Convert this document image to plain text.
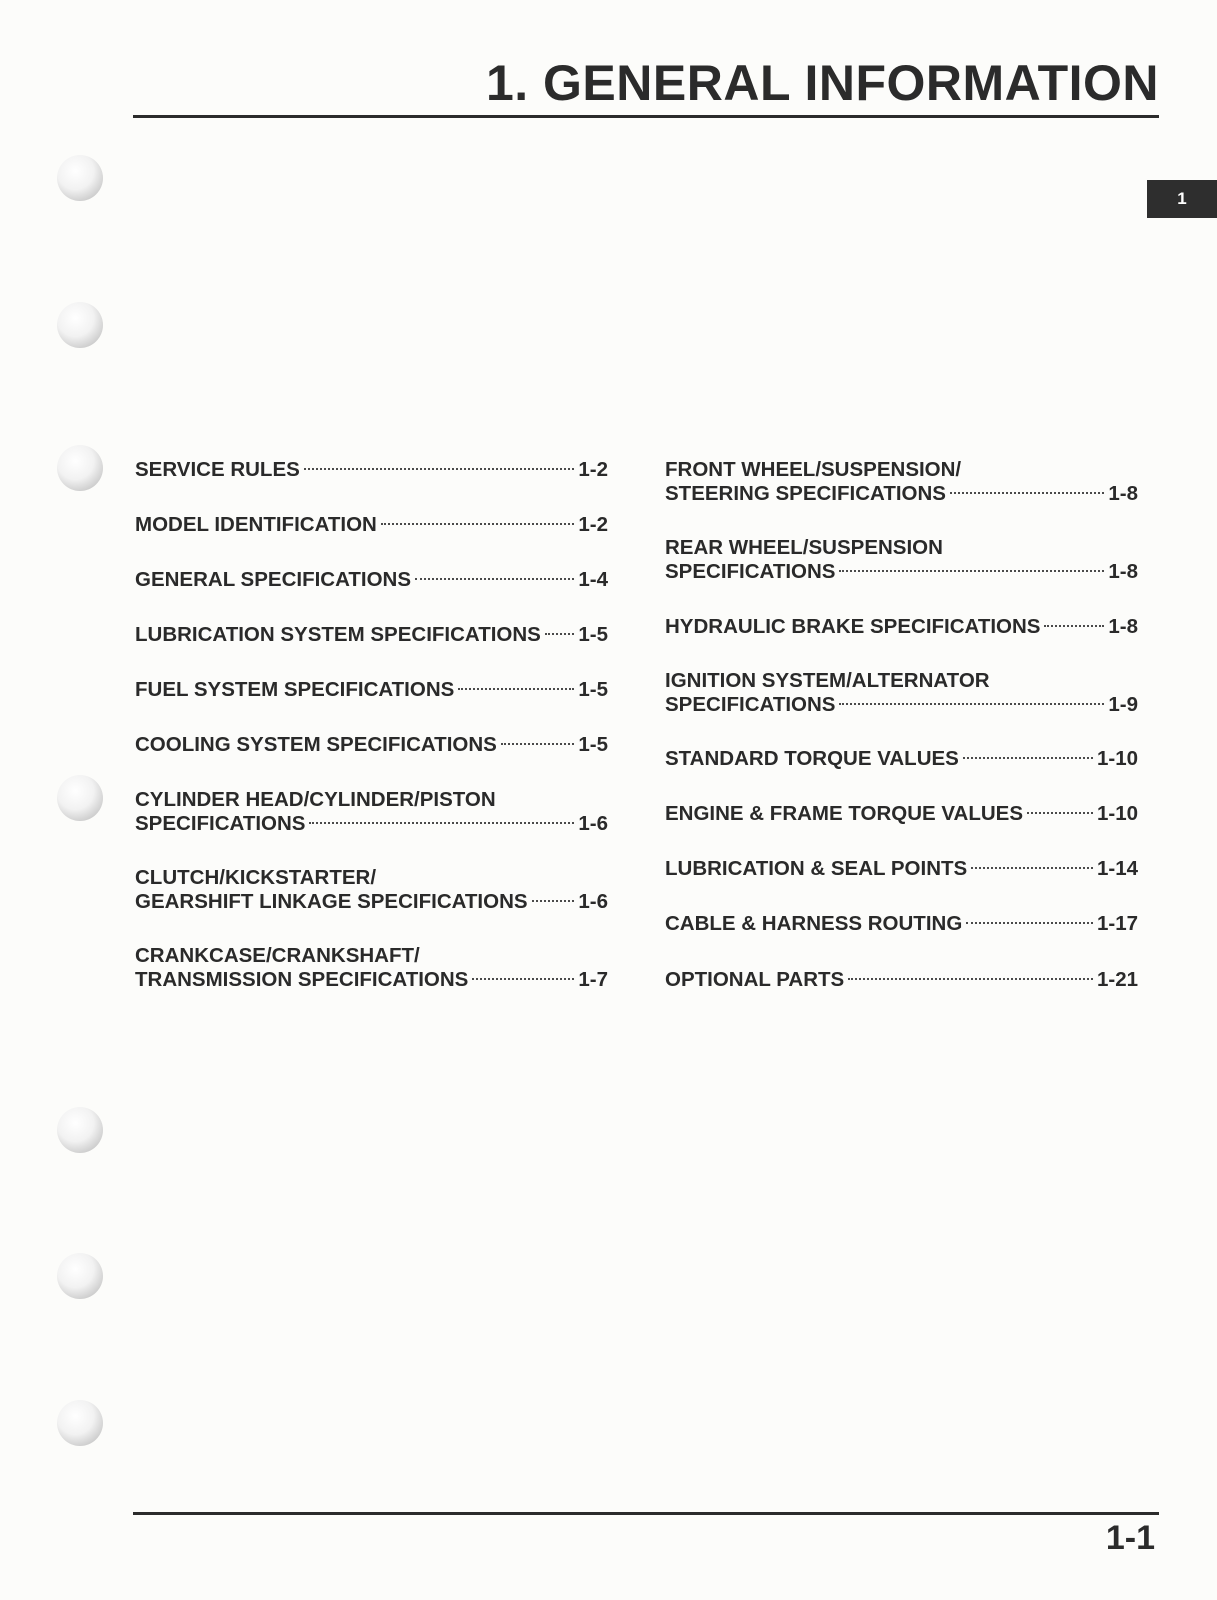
1. GENERAL INFORMATION
1
SERVICE RULES	1-2
MODEL IDENTIFICATION	1-2
GENERAL SPECIFICATIONS	1-4
LUBRICATION SYSTEM SPECIFICATIONS 1-5
FUEL SYSTEM SPECIFICATIONS	1-5
COOLING SYSTEM SPECIFICATIONS	1-5
CYLINDER HEAD/CYLINDER/PISTON
SPECIFICATIONS	1-6
CLUTCH/KICKSTARTER/
GEARSHIFT LINKAGE SPECIFICATIONS 1-6
CRANKCASE/CRANKSHAFT/
TRANSMISSION SPECIFICATIONS	1-7
FRONT WHEEL/SUSPENSION/
STEERING SPECIFICATIONS	1-8
REAR WHEEL/SUSPENSION
SPECIFICATIONS	1-8
HYDRAULIC BRAKE SPECIFICATIONS	1-8
IGNITION SYSTEM/ALTERNATOR
SPECIFICATIONS	1-9
STANDARD TORQUE VALUES	1-10
ENGINE & FRAME TORQUE VALUES	1-10
LUBRICATION & SEAL POINTS	1-14
CABLE & HARNESS ROUTING	1-17
OPTIONAL PARTS	1-21
1-1
